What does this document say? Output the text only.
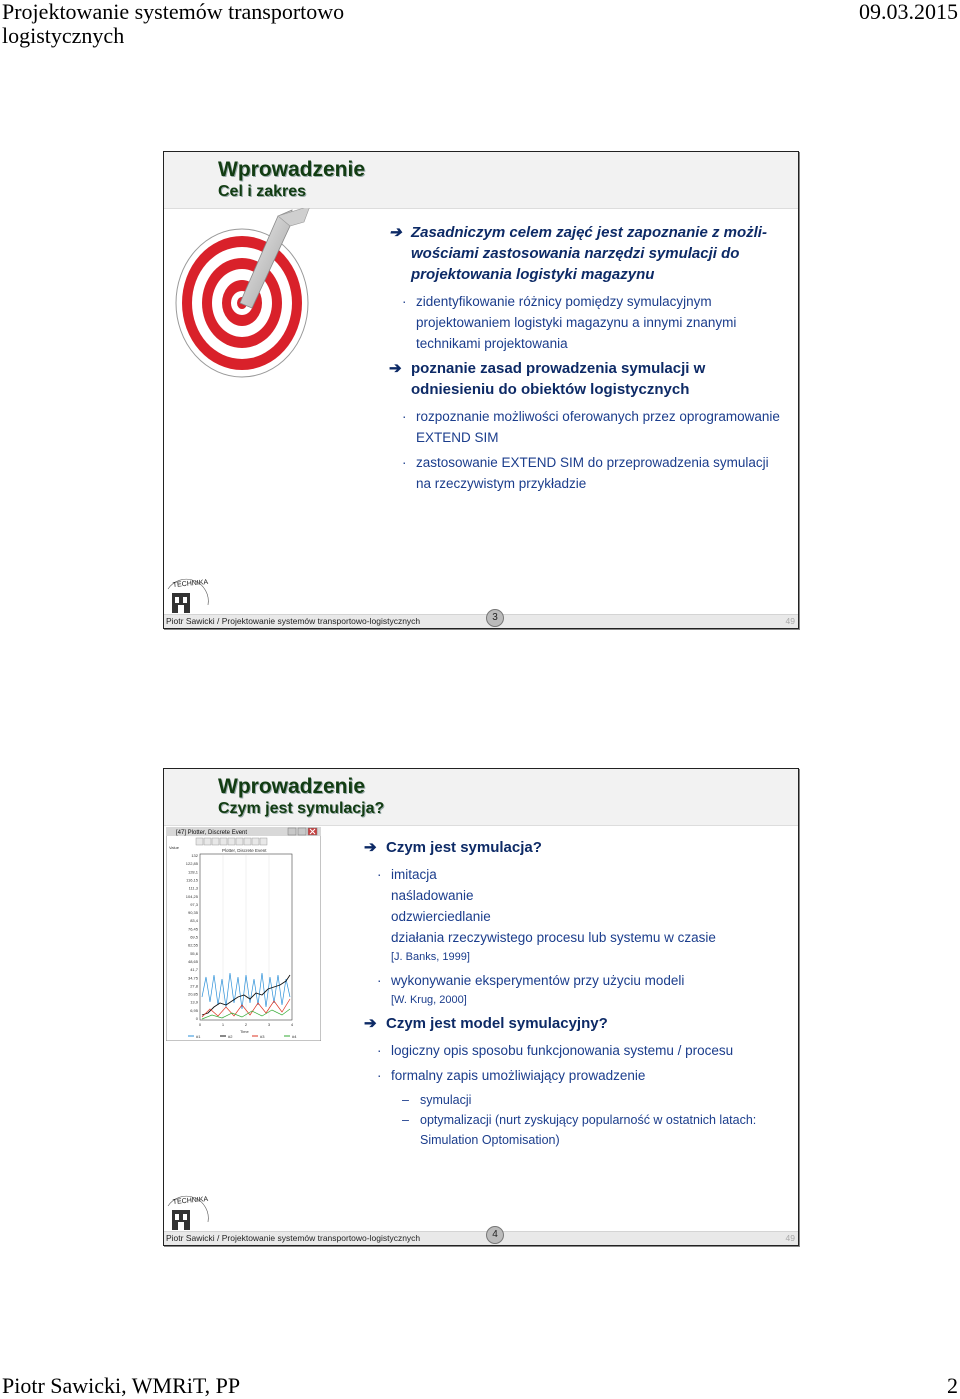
Projektowanie systemów transportowo
logistycznych
09.03.2015
Wprowadzenie
Cel i zakres
➔ Zasadniczym celem zajęć jest zapoznanie z możli-wościami zastosowania narzędzi symulacji do projektowania logistyki magazynu
· zidentyfikowanie różnicy pomiędzy symulacyjnym projektowaniem logistyki magazynu a innymi znanymi technikami projektowania
➔ poznanie zasad prowadzenia symulacji w odniesieniu do obiektów logistycznych
· rozpoznanie możliwości oferowanych przez oprogramowanie EXTEND SIM
· zastosowanie EXTEND SIM do przeprowadzenia symulacji na rzeczywistym przykładzie
TECHNIKA
Piotr Sawicki / Projektowanie systemów transportowo-logistycznych	3	49
Wprowadzenie
Czym jest symulacja?
[47] Plotter, Discrete Event
Plotter, Discrete Event
Value
132
122,85
128,1
116,15
111,3
104,25
97,3
90,35
83,4
76,45
69,5
62,55
55,6
48,65
41,7
34,75
27,8
20,85
13,9
6,95
0
0	1	2	3	4
Time
#1	#2	#3	#4
➔ Czym jest symulacja?
· imitacja
naśladowanie
odzwierciedlanie
działania rzeczywistego procesu lub systemu w czasie
[J. Banks, 1999]
· wykonywanie eksperymentów przy użyciu modeli
[W. Krug, 2000]
➔ Czym jest model symulacyjny?
· logiczny opis sposobu funkcjonowania systemu / procesu
· formalny zapis umożliwiający prowadzenie
– symulacji
– optymalizacji (nurt zyskujący popularność w ostatnich latach: Simulation Optomisation)
TECHNIKA
Piotr Sawicki / Projektowanie systemów transportowo-logistycznych	4	49
Piotr Sawicki, WMRiT, PP	2
